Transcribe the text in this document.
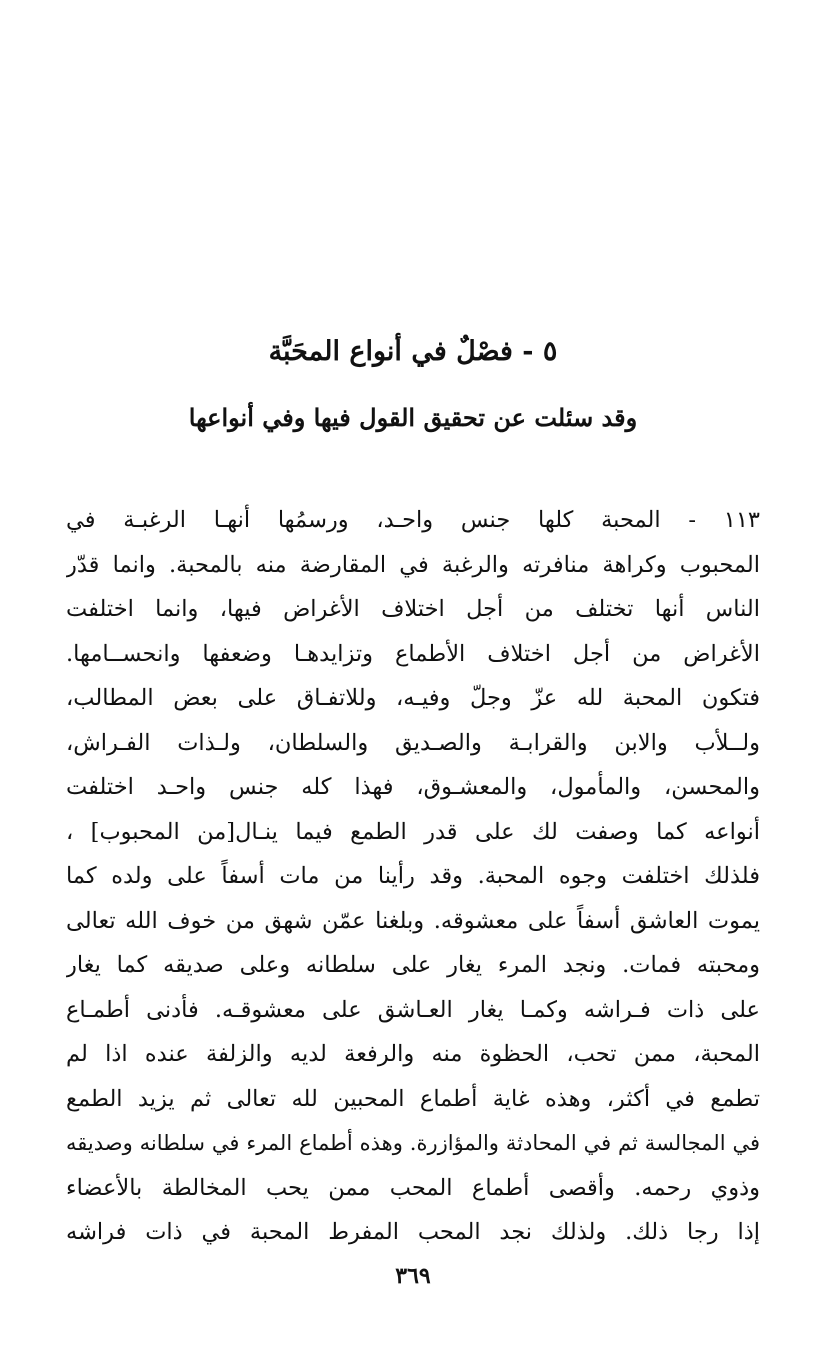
٥ - فصْلٌ في أنواع المحَبَّة
وقد سئلت عن تحقيق القول فيها وفي أنواعها
١١٣ - المحبة كلها جنس واحـد، ورسمُها أنهـا الرغبـة في
المحبوب وكراهة منافرته والرغبة في المقارضة منه بالمحبة. وانما قدّر
الناس أنها تختلف من أجل اختلاف الأغراض فيها، وانما اختلفت
الأغراض من أجل اختلاف الأطماع وتزايدهـا وضعفها وانحســامها.
فتكون المحبة لله عزّ وجلّ وفيـه، وللاتفـاق على بعض المطالب،
ولــلأب والابن والقرابـة والصـديق والسلطان، ولـذات الفـراش،
والمحسن، والمأمول، والمعشـوق، فهذا كله جنس واحـد اختلفت
أنواعه كما وصفت لك على قدر الطمع فيما ينـال[من المحبوب] ،
فلذلك اختلفت وجوه المحبة. وقد رأينا من مات أسفاً على ولده كما
يموت العاشق أسفاً على معشوقه. وبلغنا عمّن شهق من خوف الله تعالى
ومحبته فمات. ونجد المرء يغار على سلطانه وعلى صديقه كما يغار
على ذات فـراشه وكمـا يغار العـاشق على معشوقـه. فأدنى أطمـاع
المحبة، ممن تحب، الحظوة منه والرفعة لديه والزلفة عنده اذا لم
تطمع في أكثر، وهذه غاية أطماع المحبين لله تعالى ثم يزيد الطمع
في المجالسة ثم في المحادثة والمؤازرة. وهذه أطماع المرء في سلطانه وصديقه
وذوي رحمه. وأقصى أطماع المحب ممن يحب المخالطة بالأعضاء
إذا رجا ذلك. ولذلك نجد المحب المفرط المحبة في ذات فراشه
٣٦٩
